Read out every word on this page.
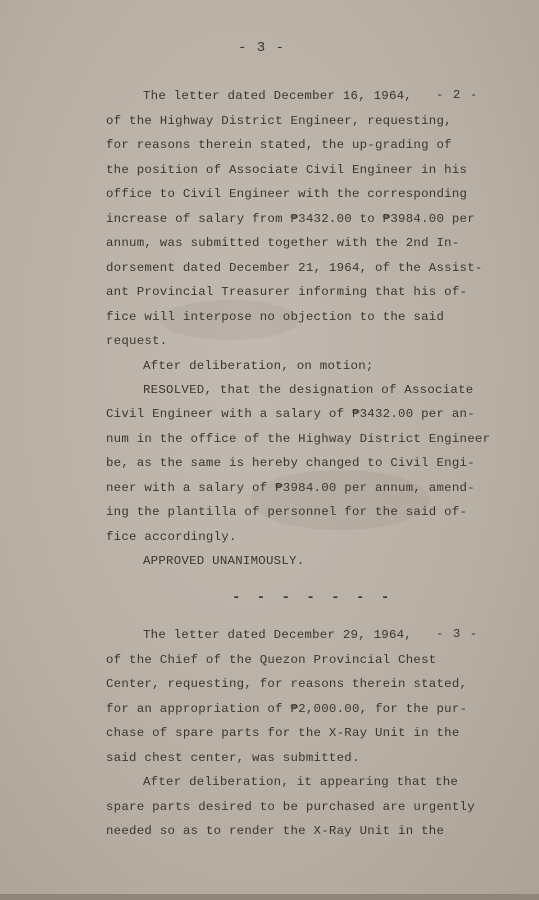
- 3 -
- 2 -
The letter dated December 16, 1964,
of the Highway District Engineer, requesting,
for reasons therein stated, the up-grading of
the position of Associate Civil Engineer in his
office to Civil Engineer with the corresponding
increase of salary from ₱3432.00 to ₱3984.00 per
annum, was submitted together with the 2nd In-
dorsement dated December 21, 1964, of the Assist-
ant Provincial Treasurer informing that his of-
fice will interpose no objection to the said
request.
After deliberation, on motion;
RESOLVED, that the designation of Associate
Civil Engineer with a salary of ₱3432.00 per an-
num in the office of the Highway District Engineer
be, as the same is hereby changed to Civil Engi-
neer with a salary of ₱3984.00 per annum, amend-
ing the plantilla of personnel for the said of-
fice accordingly.
APPROVED UNANIMOUSLY.
- - - - - - -
- 3 -
The letter dated December 29, 1964,
of the Chief of the Quezon Provincial Chest
Center, requesting, for reasons therein stated,
for an appropriation of ₱2,000.00, for the pur-
chase of spare parts for the X-Ray Unit in the
said chest center, was submitted.
After deliberation, it appearing that the
spare parts desired to be purchased are urgently
needed so as to render the X-Ray Unit in the
